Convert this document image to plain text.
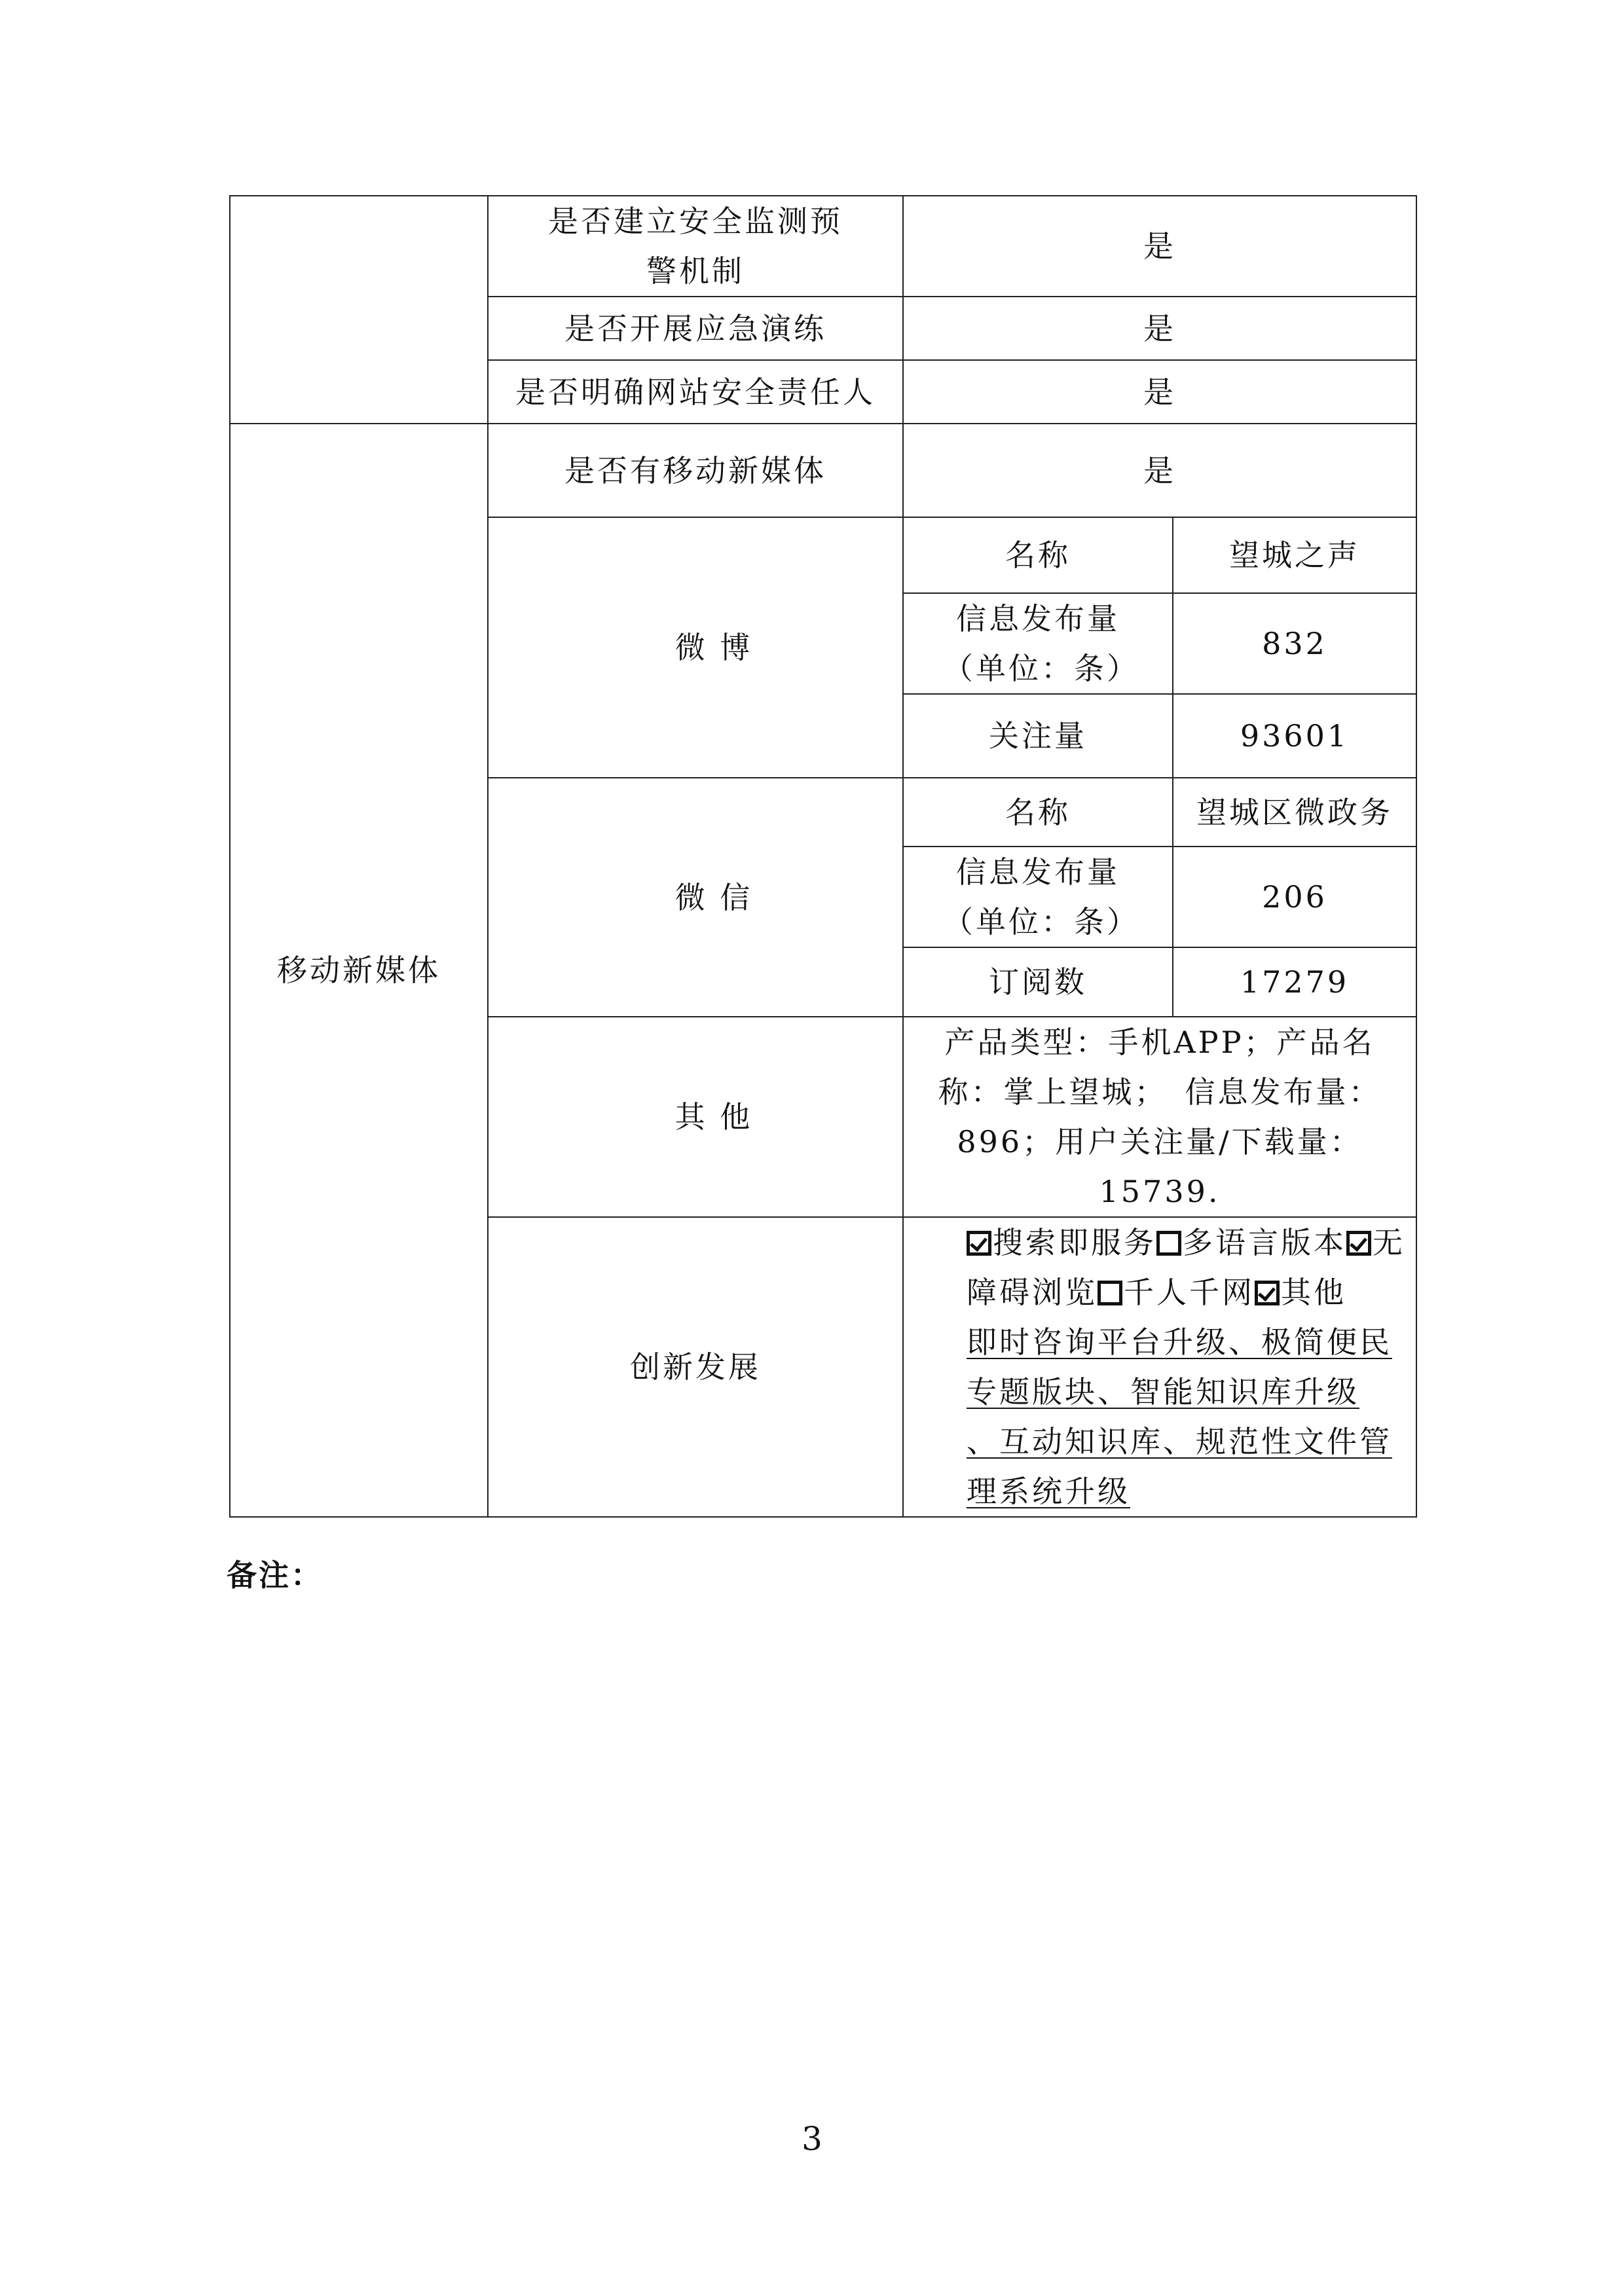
	是否建立安全监测预警机制	是	
	是否开展应急演练	是	
	是否明确网站安全责任人	是	
移动新媒体	是否有移动新媒体	是	
	微 博	名称	望城之声
		信息发布量（单位：条）	832
		关注量	93601
	微 信	名称	望城区微政务
		信息发布量（单位：条）	206
		订阅数	17279
	其 他	产品类型：手机APP；产品名称：掌上望城；　信息发布量：896；用户关注量/下载量：15739.	
	创新发展	搜索即服务 多语言版本 无障碍浏览 千人千网 其他
即时咨询平台升级、极简便民专题版块、智能知识库升级
、互动知识库、规范性文件管理系统升级	
备注：
3
